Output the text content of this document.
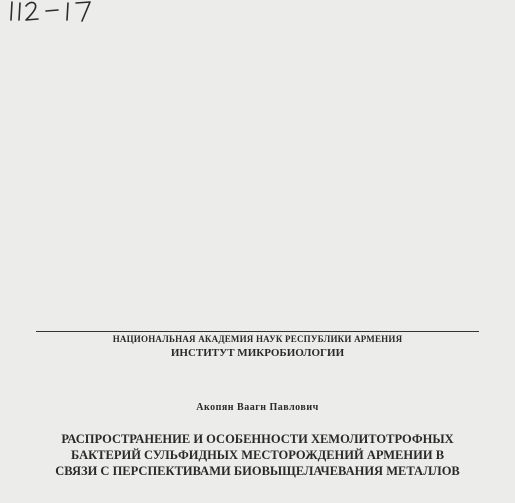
НАЦИОНАЛЬНАЯ АКАДЕМИЯ НАУК РЕСПУБЛИКИ АРМЕНИЯ
ИНСТИТУТ МИКРОБИОЛОГИИ
Акопян Ваагн Павлович
РАСПРОСТРАНЕНИЕ И ОСОБЕННОСТИ ХЕМОЛИТОТРОФНЫХ
БАКТЕРИЙ СУЛЬФИДНЫХ МЕСТОРОЖДЕНИЙ АРМЕНИИ В
СВЯЗИ С ПЕРСПЕКТИВАМИ БИОВЫЩЕЛАЧЕВАНИЯ МЕТАЛЛОВ
